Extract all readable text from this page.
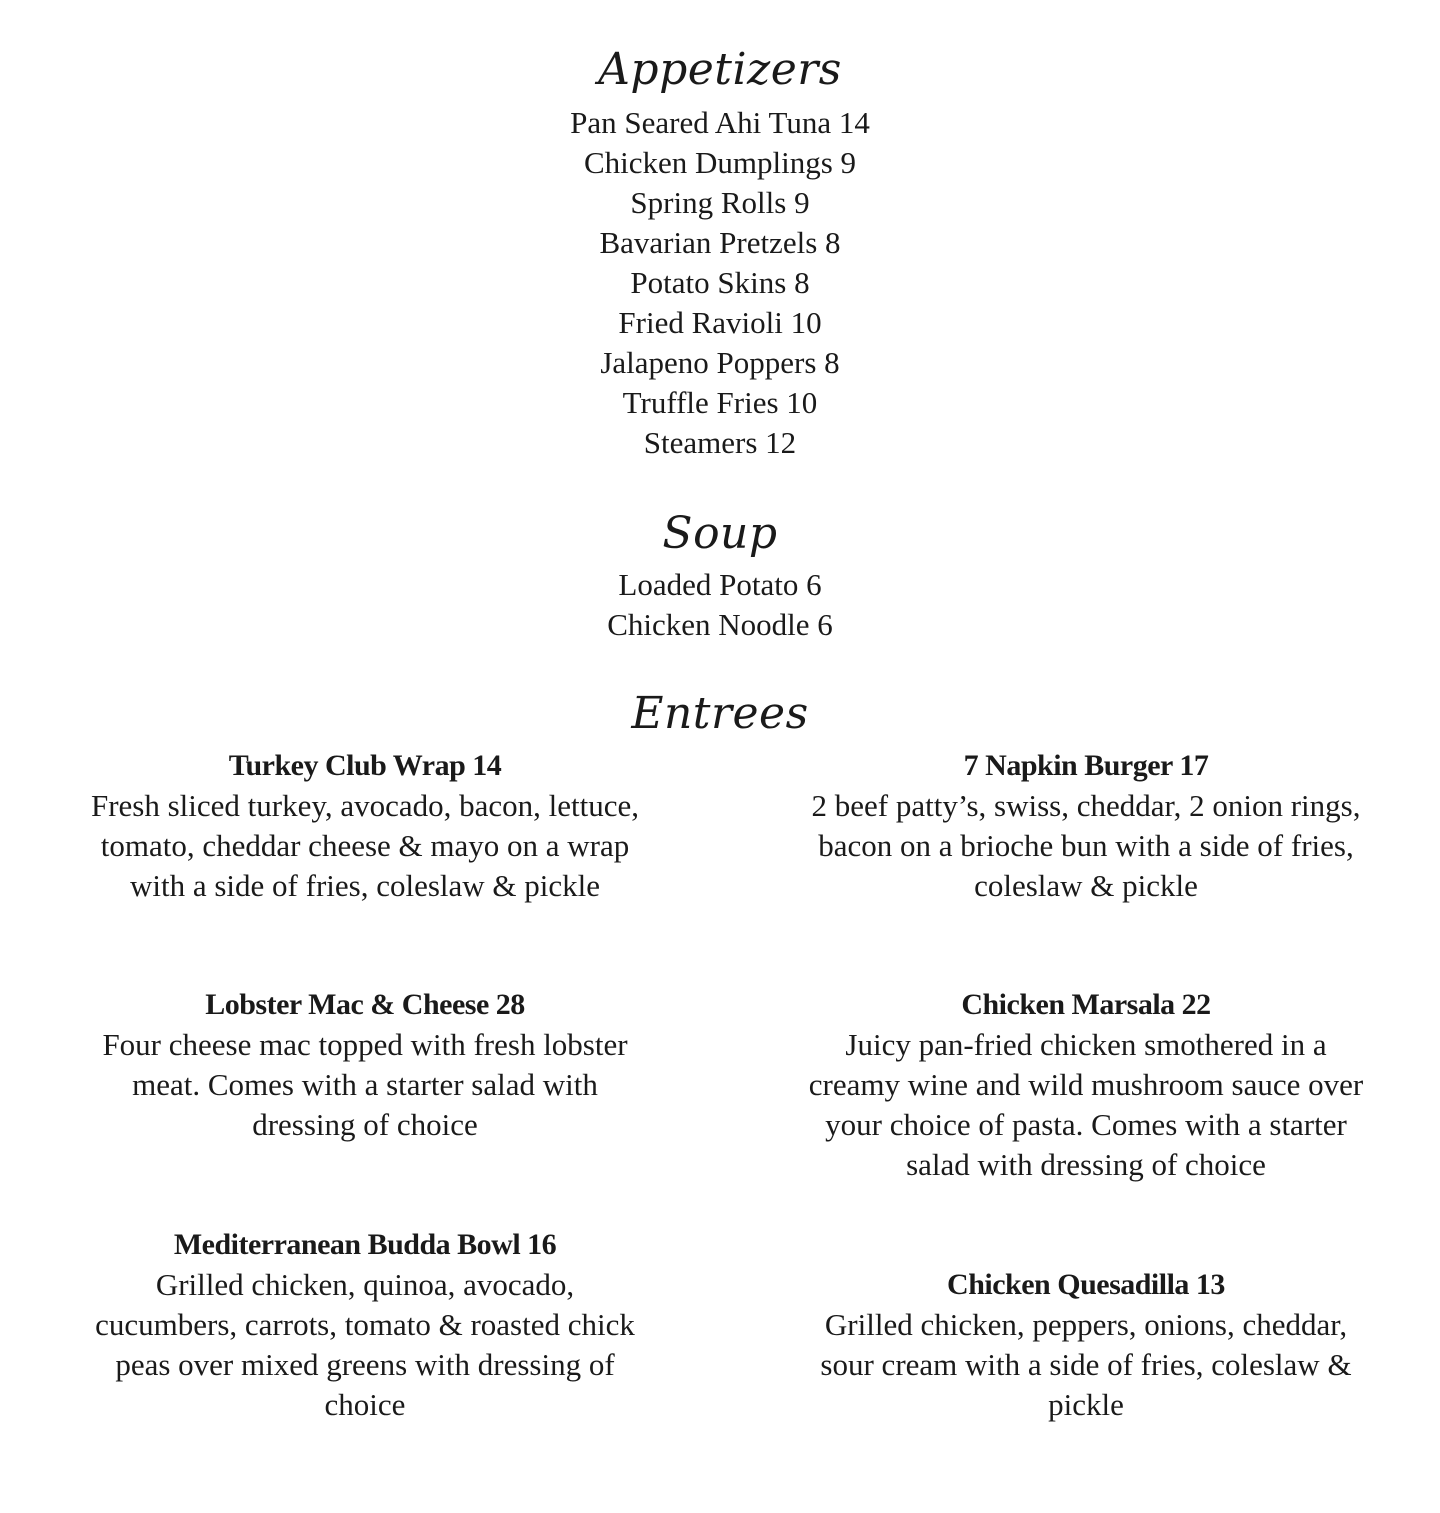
Appetizers
Pan Seared Ahi Tuna 14
Chicken Dumplings 9
Spring Rolls 9
Bavarian Pretzels 8
Potato Skins 8
Fried Ravioli 10
Jalapeno Poppers 8
Truffle Fries 10
Steamers 12
Soup
Loaded Potato 6
Chicken Noodle 6
Entrees

Turkey Club Wrap 14

Fresh sliced turkey, avocado, bacon, lettuce,
tomato, cheddar cheese & mayo on a wrap
with a side of fries, coleslaw & pickle

7 Napkin Burger 17

2 beef patty’s, swiss, cheddar, 2 onion rings,
bacon on a brioche bun with a side of fries,
coleslaw & pickle

Lobster Mac & Cheese 28

Four cheese mac topped with fresh lobster
meat. Comes with a starter salad with
dressing of choice

Chicken Marsala 22

Juicy pan-fried chicken smothered in a
creamy wine and wild mushroom sauce over
your choice of pasta. Comes with a starter
salad with dressing of choice

Mediterranean Budda Bowl 16

Grilled chicken, quinoa, avocado,
cucumbers, carrots, tomato & roasted chick
peas over mixed greens with dressing of
choice

Chicken Quesadilla 13

Grilled chicken, peppers, onions, cheddar,
sour cream with a side of fries, coleslaw &
pickle
